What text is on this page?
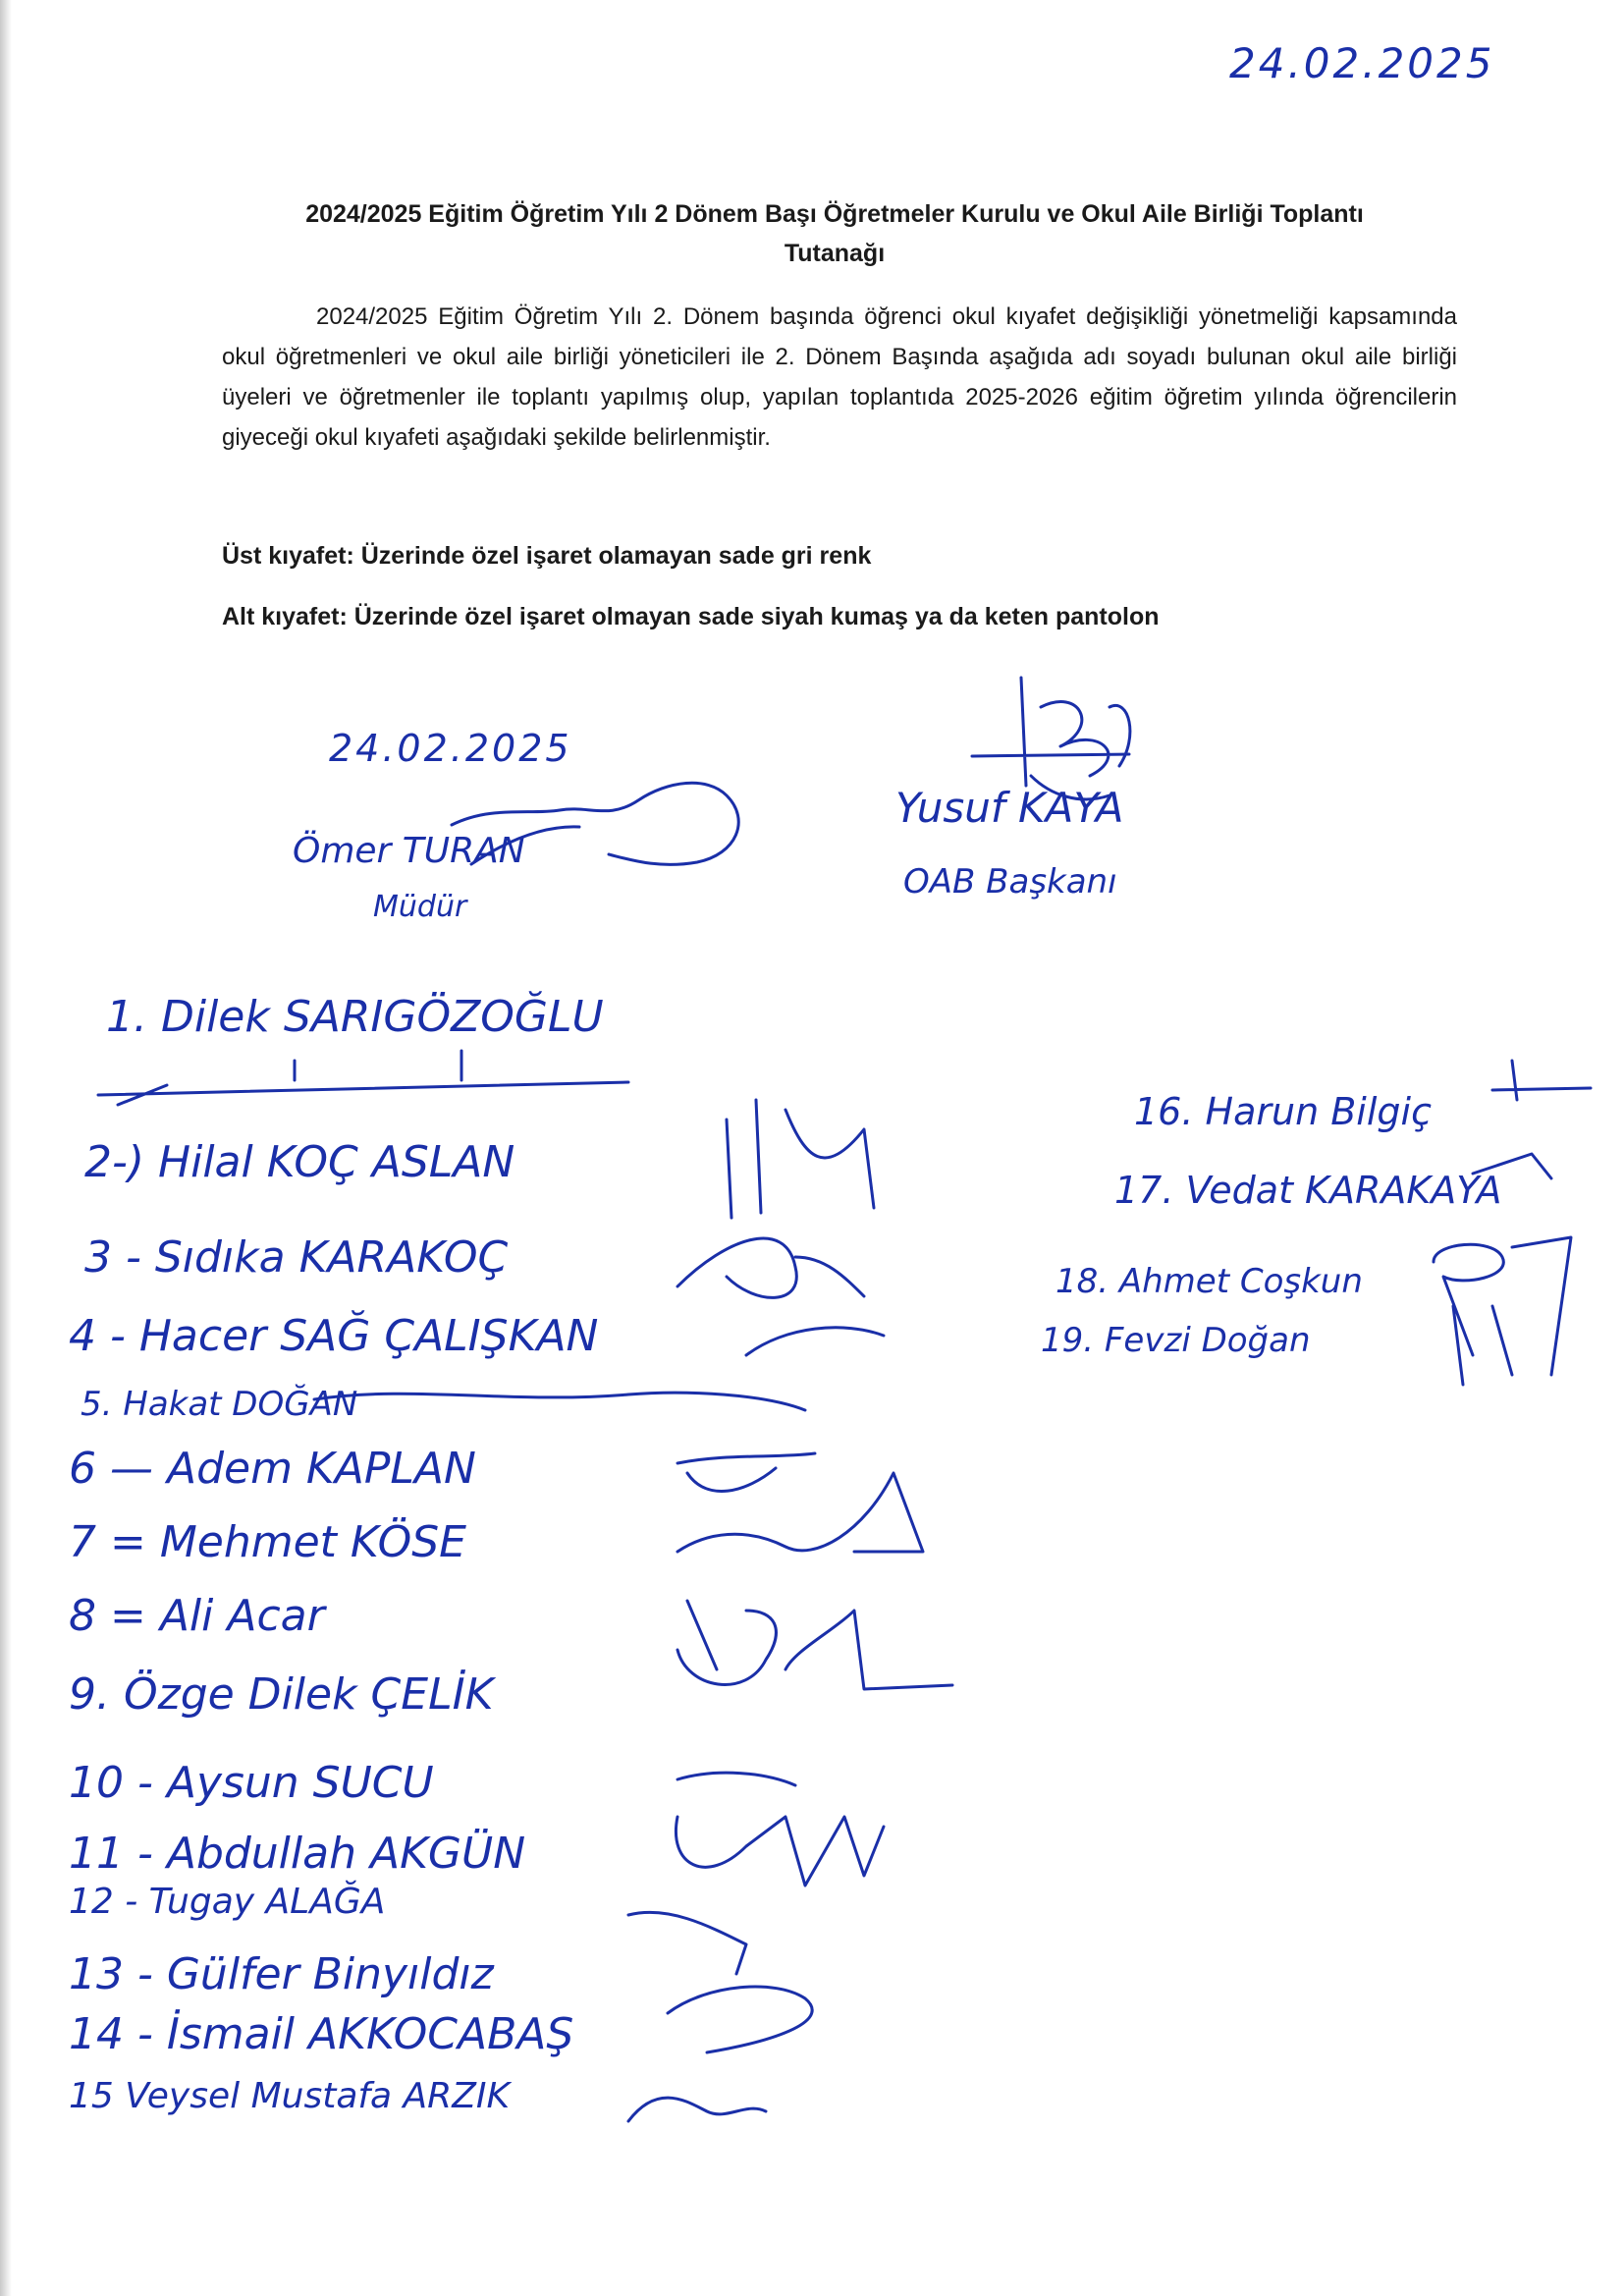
24.02.2025
2024/2025 Eğitim Öğretim Yılı 2 Dönem Başı Öğretmeler Kurulu ve Okul Aile Birliği Toplantı
Tutanağı
2024/2025 Eğitim Öğretim Yılı 2. Dönem başında öğrenci okul kıyafet değişikliği yönetmeliği kapsamında okul öğretmenleri ve okul aile birliği yöneticileri ile 2. Dönem Başında aşağıda adı soyadı bulunan okul aile birliği üyeleri ve öğretmenler ile toplantı yapılmış olup, yapılan toplantıda 2025-2026 eğitim öğretim yılında öğrencilerin giyeceği okul kıyafeti aşağıdaki şekilde belirlenmiştir.
Üst kıyafet: Üzerinde özel işaret olamayan sade gri renk
Alt kıyafet: Üzerinde özel işaret olmayan sade siyah kumaş ya da keten pantolon
24.02.2025
Ömer TURAN
Müdür
Yusuf KAYA
OAB Başkanı
1. Dilek SARIGÖZOĞLU
2-) Hilal KOÇ ASLAN
3 - Sıdıka KARAKOÇ
4 - Hacer SAĞ ÇALIŞKAN
5. Hakat DOĞAN
6 — Adem KAPLAN
7 = Mehmet KÖSE
8 = Ali Acar
9. Özge Dilek ÇELİK
10 - Aysun SUCU
11 - Abdullah AKGÜN
12 - Tugay ALAĞA
13 - Gülfer Binyıldız
14 - İsmail AKKOCABAŞ
15 Veysel Mustafa ARZIK
16. Harun Bilgiç
17. Vedat KARAKAYA
18. Ahmet Coşkun
19. Fevzi Doğan
